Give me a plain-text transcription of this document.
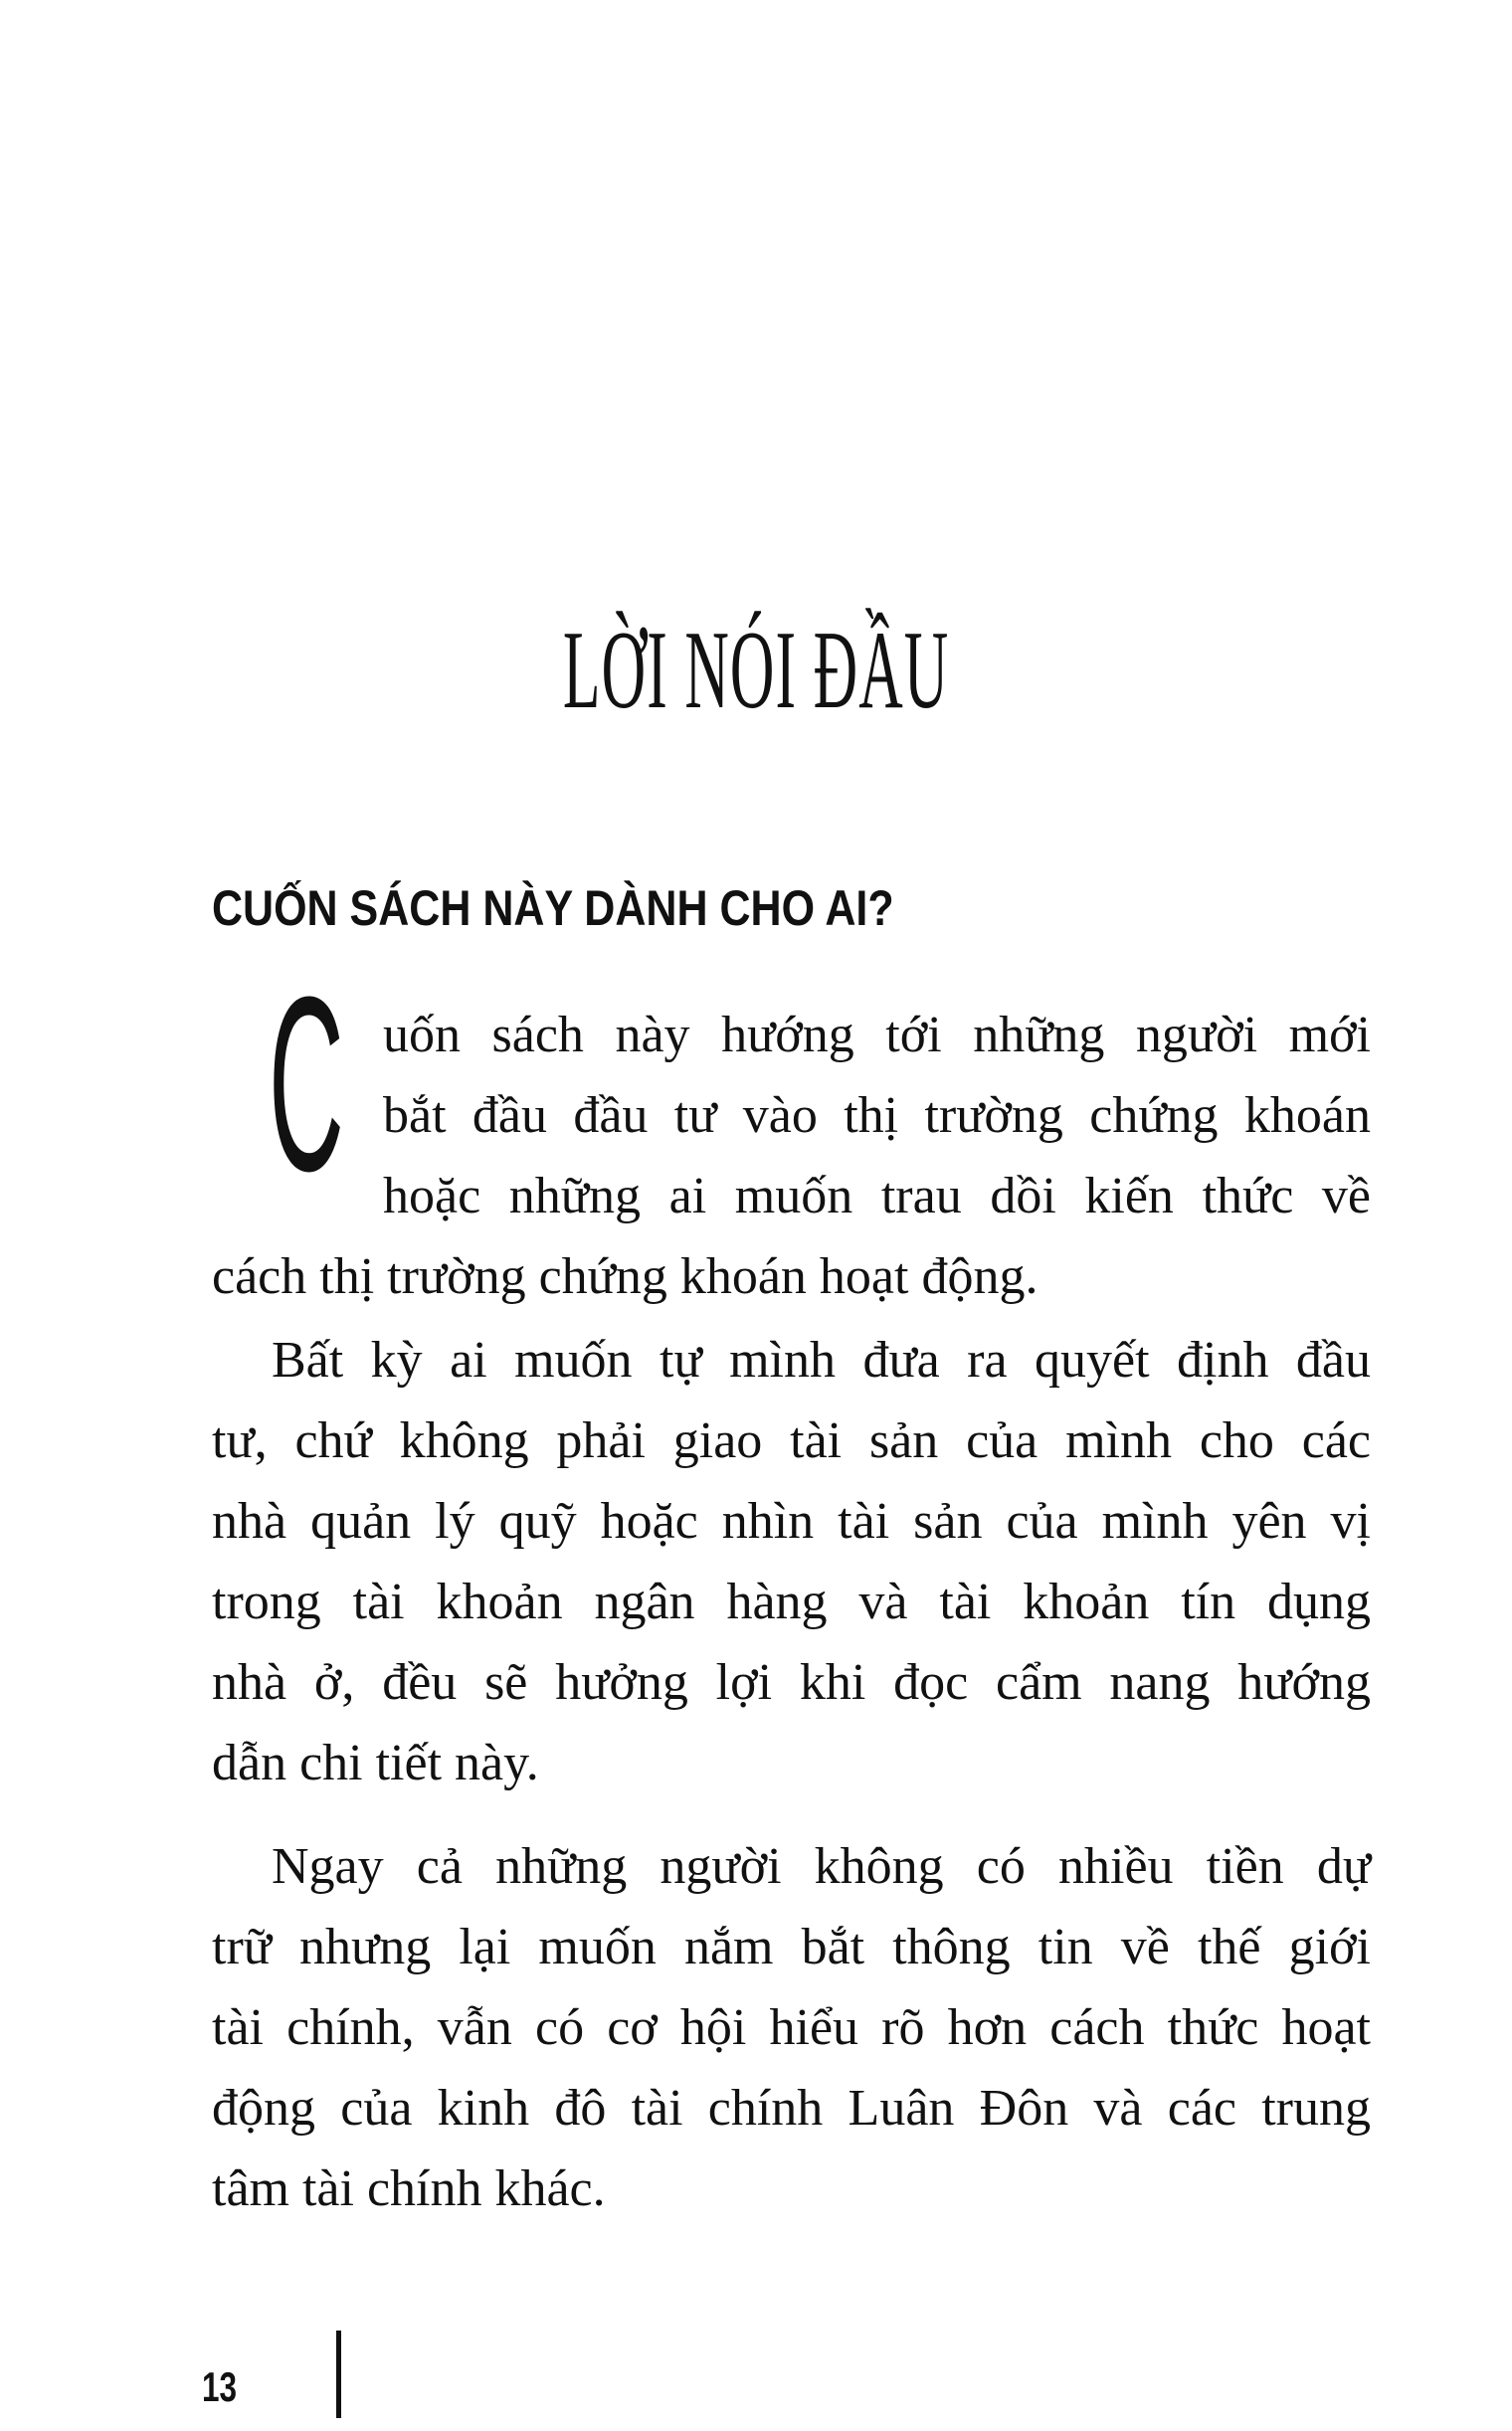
LỜI NÓI ĐẦU
CUỐN SÁCH NÀY DÀNH CHO AI?
C uốn sách này hướng tới những người mới
bắt đầu đầu tư vào thị trường chứng khoán
hoặc những ai muốn trau dồi kiến thức về
cách thị trường chứng khoán hoạt động.
Bất kỳ ai muốn tự mình đưa ra quyết định đầu
tư, chứ không phải giao tài sản của mình cho các
nhà quản lý quỹ hoặc nhìn tài sản của mình yên vị
trong tài khoản ngân hàng và tài khoản tín dụng
nhà ở, đều sẽ hưởng lợi khi đọc cẩm nang hướng
dẫn chi tiết này.
Ngay cả những người không có nhiều tiền dự
trữ nhưng lại muốn nắm bắt thông tin về thế giới
tài chính, vẫn có cơ hội hiểu rõ hơn cách thức hoạt
động của kinh đô tài chính Luân Đôn và các trung
tâm tài chính khác.
13
